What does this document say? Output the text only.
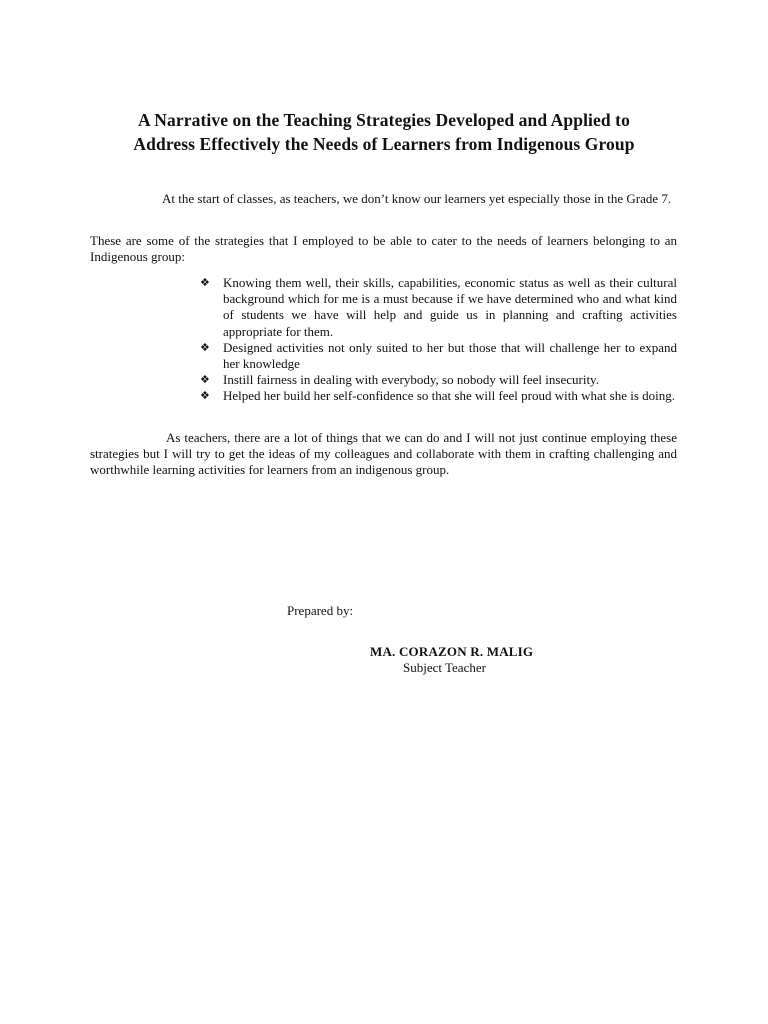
A Narrative on the Teaching Strategies Developed and Applied to
Address Effectively the Needs of Learners from Indigenous Group
At the start of classes, as teachers, we don’t know our learners yet especially those in the Grade 7.
These are some of the strategies that I employed to be able to cater to the needs of learners belonging to an Indigenous group:
❖ Knowing them well, their skills, capabilities, economic status as well as their cultural background which for me is a must because if we have determined who and what kind of students we have will help and guide us in planning and crafting activities appropriate for them.
❖ Designed activities not only suited to her but those that will challenge her to expand her knowledge
❖ Instill fairness in dealing with everybody, so nobody will feel insecurity.
❖ Helped her build her self-confidence so that she will feel proud with what she is doing.
As teachers, there are a lot of things that we can do and I will not just continue employing these strategies but I will try to get the ideas of my colleagues and collaborate with them in crafting challenging and worthwhile learning activities for learners from an indigenous group.
Prepared by:
MA. CORAZON R. MALIG
Subject Teacher
